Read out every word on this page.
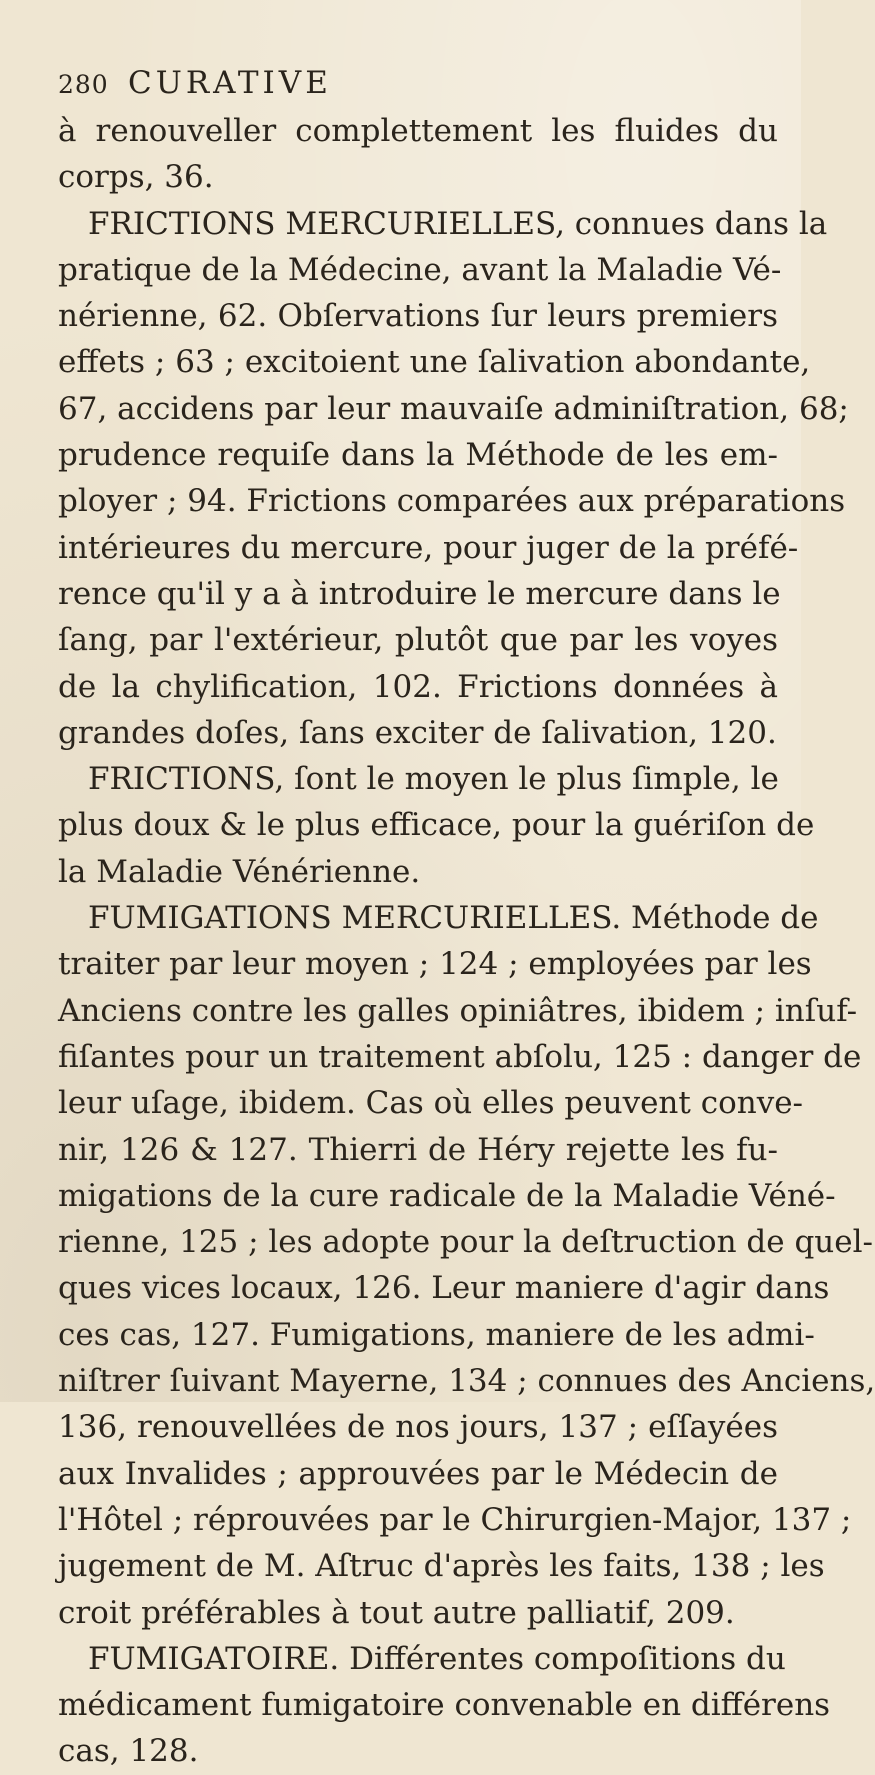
280 CURATIVE
à renouveller complettement les fluides du
corps, 36.
FRICTIONS MERCURIELLES, connues dans la
pratique de la Médecine, avant la Maladie Vé-
nérienne, 62. Obſervations ſur leurs premiers
effets ; 63 ; excitoient une ſalivation abondante,
67, accidens par leur mauvaiſe adminiſtration, 68;
prudence requiſe dans la Méthode de les em-
ployer ; 94. Frictions comparées aux préparations
intérieures du mercure, pour juger de la préfé-
rence qu'il y a à introduire le mercure dans le
ſang, par l'extérieur, plutôt que par les voyes
de la chylification, 102. Frictions données à
grandes doſes, ſans exciter de ſalivation, 120.
FRICTIONS, ſont le moyen le plus ſimple, le
plus doux & le plus efficace, pour la guériſon de
la Maladie Vénérienne.
FUMIGATIONS MERCURIELLES. Méthode de
traiter par leur moyen ; 124 ; employées par les
Anciens contre les galles opiniâtres, ibidem ; inſuf-
fiſantes pour un traitement abſolu, 125 : danger de
leur uſage, ibidem. Cas où elles peuvent conve-
nir, 126 & 127. Thierri de Héry rejette les fu-
migations de la cure radicale de la Maladie Véné-
rienne, 125 ; les adopte pour la deſtruction de quel-
ques vices locaux, 126. Leur maniere d'agir dans
ces cas, 127. Fumigations, maniere de les admi-
niſtrer ſuivant Mayerne, 134 ; connues des Anciens,
136, renouvellées de nos jours, 137 ; eſſayées
aux Invalides ; approuvées par le Médecin de
l'Hôtel ; réprouvées par le Chirurgien-Major, 137 ;
jugement de M. Aſtruc d'après les faits, 138 ; les
croit préférables à tout autre palliatif, 209.
FUMIGATOIRE. Différentes compoſitions du
médicament fumigatoire convenable en différens
cas, 128.
